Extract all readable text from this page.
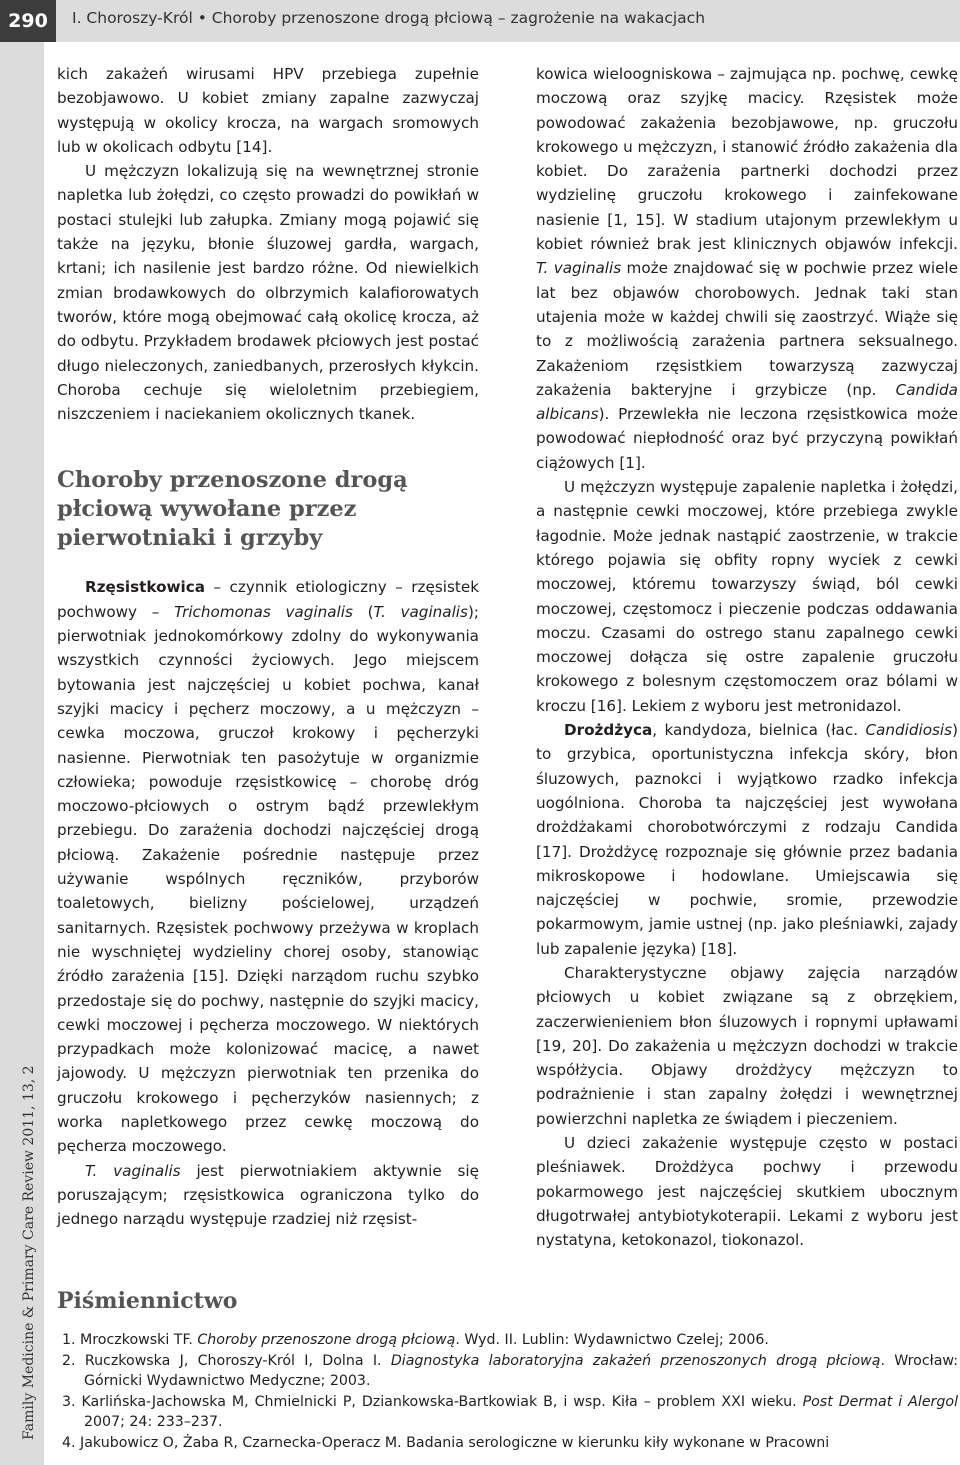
290	I. Choroszy-Król • Choroby przenoszone drogą płciową – zagrożenie na wakacjach
Family Medicine & Primary Care Review 2011, 13, 2

kich zakażeń wirusami HPV przebiega zupełnie bezobjawowo. U kobiet zmiany zapalne zazwyczaj występują w okolicy krocza, na wargach sromowych lub w okolicach odbytu [14].

U mężczyzn lokalizują się na wewnętrznej stronie napletka lub żołędzi, co często prowadzi do powikłań w postaci stulejki lub załupka. Zmiany mogą pojawić się także na języku, błonie śluzowej gardła, wargach, krtani; ich nasilenie jest bardzo różne. Od niewielkich zmian brodawkowych do olbrzymich kalafiorowatych tworów, które mogą obejmować całą okolicę krocza, aż do odbytu. Przykładem brodawek płciowych jest postać długo nieleczonych, zaniedbanych, przerosłych kłykcin. Choroba cechuje się wieloletnim przebiegiem, niszczeniem i naciekaniem okolicznych tkanek.

Choroby przenoszone drogą płciową wywołane przez pierwotniaki i grzyby

Rzęsistkowica – czynnik etiologiczny – rzęsistek pochwowy – Trichomonas vaginalis (T. vaginalis); pierwotniak jednokomórkowy zdolny do wykonywania wszystkich czynności życiowych. Jego miejscem bytowania jest najczęściej u kobiet pochwa, kanał szyjki macicy i pęcherz moczowy, a u mężczyzn – cewka moczowa, gruczoł krokowy i pęcherzyki nasienne. Pierwotniak ten pasożytuje w organizmie człowieka; powoduje rzęsistkowicę – chorobę dróg moczowo-płciowych o ostrym bądź przewlekłym przebiegu. Do zarażenia dochodzi najczęściej drogą płciową. Zakażenie pośrednie następuje przez używanie wspólnych ręczników, przyborów toaletowych, bielizny pościelowej, urządzeń sanitarnych. Rzęsistek pochwowy przeżywa w kroplach nie wyschniętej wydzieliny chorej osoby, stanowiąc źródło zarażenia [15]. Dzięki narządom ruchu szybko przedostaje się do pochwy, następnie do szyjki macicy, cewki moczowej i pęcherza moczowego. W niektórych przypadkach może kolonizować macicę, a nawet jajowody. U mężczyzn pierwotniak ten przenika do gruczołu krokowego i pęcherzyków nasiennych; z worka napletkowego przez cewkę moczową do pęcherza moczowego.

T. vaginalis jest pierwotniakiem aktywnie się poruszającym; rzęsistkowica ograniczona tylko do jednego narządu występuje rzadziej niż rzęsist-

kowica wieloogniskowa – zajmująca np. pochwę, cewkę moczową oraz szyjkę macicy. Rzęsistek może powodować zakażenia bezobjawowe, np. gruczołu krokowego u mężczyzn, i stanowić źródło zakażenia dla kobiet. Do zarażenia partnerki dochodzi przez wydzielinę gruczołu krokowego i zainfekowane nasienie [1, 15]. W stadium utajonym przewlekłym u kobiet również brak jest klinicznych objawów infekcji. T. vaginalis może znajdować się w pochwie przez wiele lat bez objawów chorobowych. Jednak taki stan utajenia może w każdej chwili się zaostrzyć. Wiąże się to z możliwością zarażenia partnera seksualnego. Zakażeniom rzęsistkiem towarzyszą zazwyczaj zakażenia bakteryjne i grzybicze (np. Candida albicans). Przewlekła nie leczona rzęsistkowica może powodować niepłodność oraz być przyczyną powikłań ciążowych [1].

U mężczyzn występuje zapalenie napletka i żołędzi, a następnie cewki moczowej, które przebiega zwykle łagodnie. Może jednak nastąpić zaostrzenie, w trakcie którego pojawia się obfity ropny wyciek z cewki moczowej, któremu towarzyszy świąd, ból cewki moczowej, częstomocz i pieczenie podczas oddawania moczu. Czasami do ostrego stanu zapalnego cewki moczowej dołącza się ostre zapalenie gruczołu krokowego z bolesnym częstomoczem oraz bólami w kroczu [16]. Lekiem z wyboru jest metronidazol.

Drożdżyca, kandydoza, bielnica (łac. Candidiosis) to grzybica, oportunistyczna infekcja skóry, błon śluzowych, paznokci i wyjątkowo rzadko infekcja uogólniona. Choroba ta najczęściej jest wywołana drożdżakami chorobotwórczymi z rodzaju Candida [17]. Drożdżycę rozpoznaje się głównie przez badania mikroskopowe i hodowlane. Umiejscawia się najczęściej w pochwie, sromie, przewodzie pokarmowym, jamie ustnej (np. jako pleśniawki, zajady lub zapalenie języka) [18].

Charakterystyczne objawy zajęcia narządów płciowych u kobiet związane są z obrzękiem, zaczerwienieniem błon śluzowych i ropnymi upławami [19, 20]. Do zakażenia u mężczyzn dochodzi w trakcie współżycia. Objawy drożdżycy mężczyzn to podrażnienie i stan zapalny żołędzi i wewnętrznej powierzchni napletka ze świądem i pieczeniem.

U dzieci zakażenie występuje często w postaci pleśniawek. Drożdżyca pochwy i przewodu pokarmowego jest najczęściej skutkiem ubocznym długotrwałej antybiotykoterapii. Lekami z wyboru jest nystatyna, ketokonazol, tiokonazol.

Piśmiennictwo
1. Mroczkowski TF. Choroby przenoszone drogą płciową. Wyd. II. Lublin: Wydawnictwo Czelej; 2006.
2. Ruczkowska J, Choroszy-Król I, Dolna I. Diagnostyka laboratoryjna zakażeń przenoszonych drogą płciową. Wrocław: Górnicki Wydawnictwo Medyczne; 2003.
3. Karlińska-Jachowska M, Chmielnicki P, Dziankowska-Bartkowiak B, i wsp. Kiła – problem XXI wieku. Post Dermat i Alergol 2007; 24: 233–237.
4. Jakubowicz O, Żaba R, Czarnecka-Operacz M. Badania serologiczne w kierunku kiły wykonane w Pracowni
